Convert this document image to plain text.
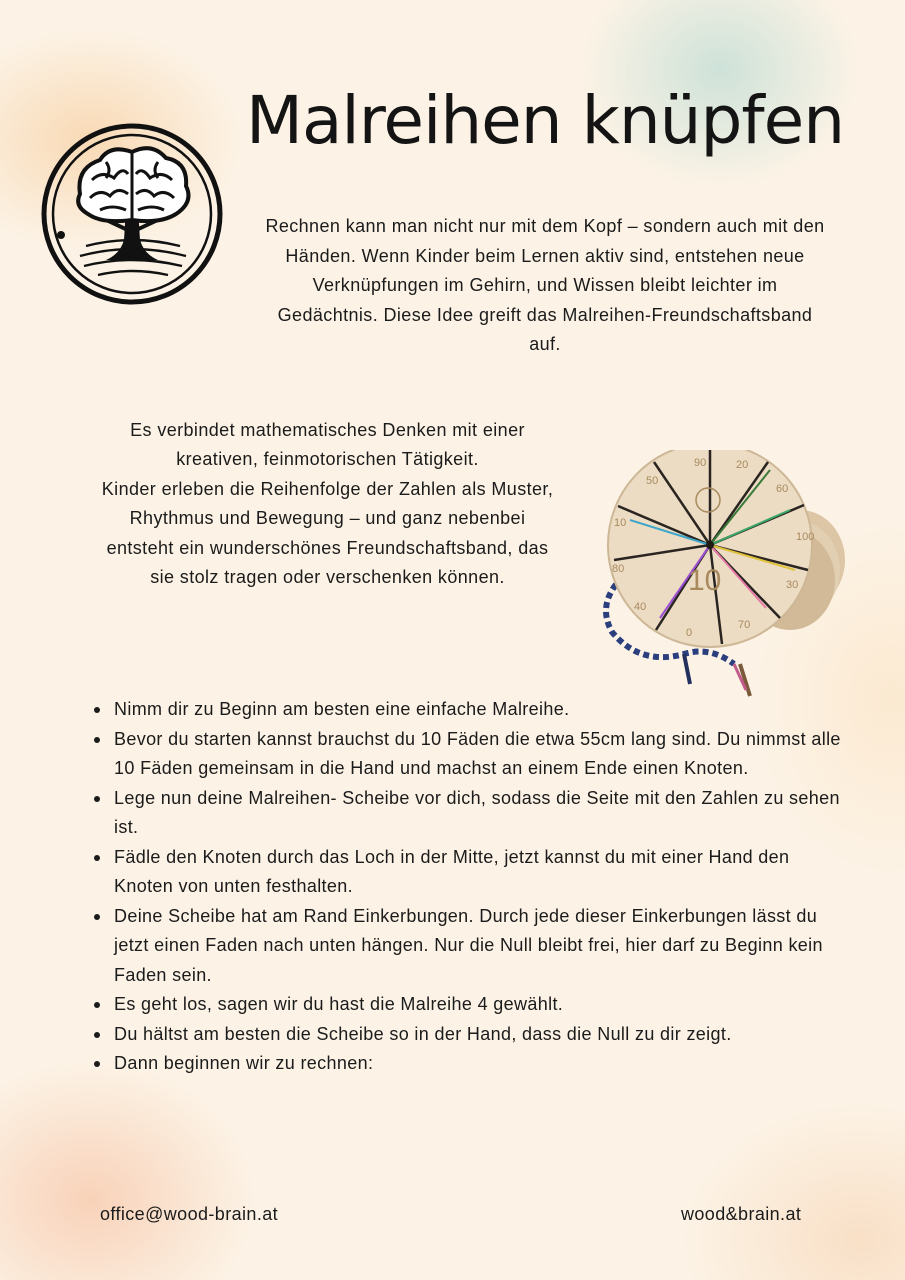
Malreihen knüpfen

Rechnen kann man nicht nur mit dem Kopf – sondern auch mit den Händen. Wenn Kinder beim Lernen aktiv sind, entstehen neue Verknüpfungen im Gehirn, und Wissen bleibt leichter im Gedächtnis. Diese Idee greift das Malreihen-Freundschaftsband auf.

Es verbindet mathematisches Denken mit einer kreativen, feinmotorischen Tätigkeit.

Kinder erleben die Reihenfolge der Zahlen als Muster, Rhythmus und Bewegung – und ganz nebenbei entsteht ein wunderschönes Freundschaftsband, das sie stolz tragen oder verschenken können.

90	20
60
100
30
70
0
40
80
10
50
10
Nimm dir zu Beginn am besten eine einfache Malreihe.
Bevor du starten kannst brauchst du 10 Fäden die etwa 55cm lang sind. Du nimmst alle 10 Fäden gemeinsam in die Hand und machst an einem Ende einen Knoten.
Lege nun deine Malreihen- Scheibe vor dich, sodass die Seite mit den Zahlen zu sehen ist.
Fädle den Knoten durch das Loch in der Mitte, jetzt kannst du mit einer Hand den Knoten von unten festhalten.
Deine Scheibe hat am Rand Einkerbungen. Durch jede dieser Einkerbungen lässt du jetzt einen Faden nach unten hängen. Nur die Null bleibt frei, hier darf zu Beginn kein Faden sein.
Es geht los, sagen wir du hast die Malreihe 4 gewählt.
Du hältst am besten die Scheibe so in der Hand, dass die Null zu dir zeigt.
Dann beginnen wir zu rechnen:
office@wood-brain.at	wood&brain.at
